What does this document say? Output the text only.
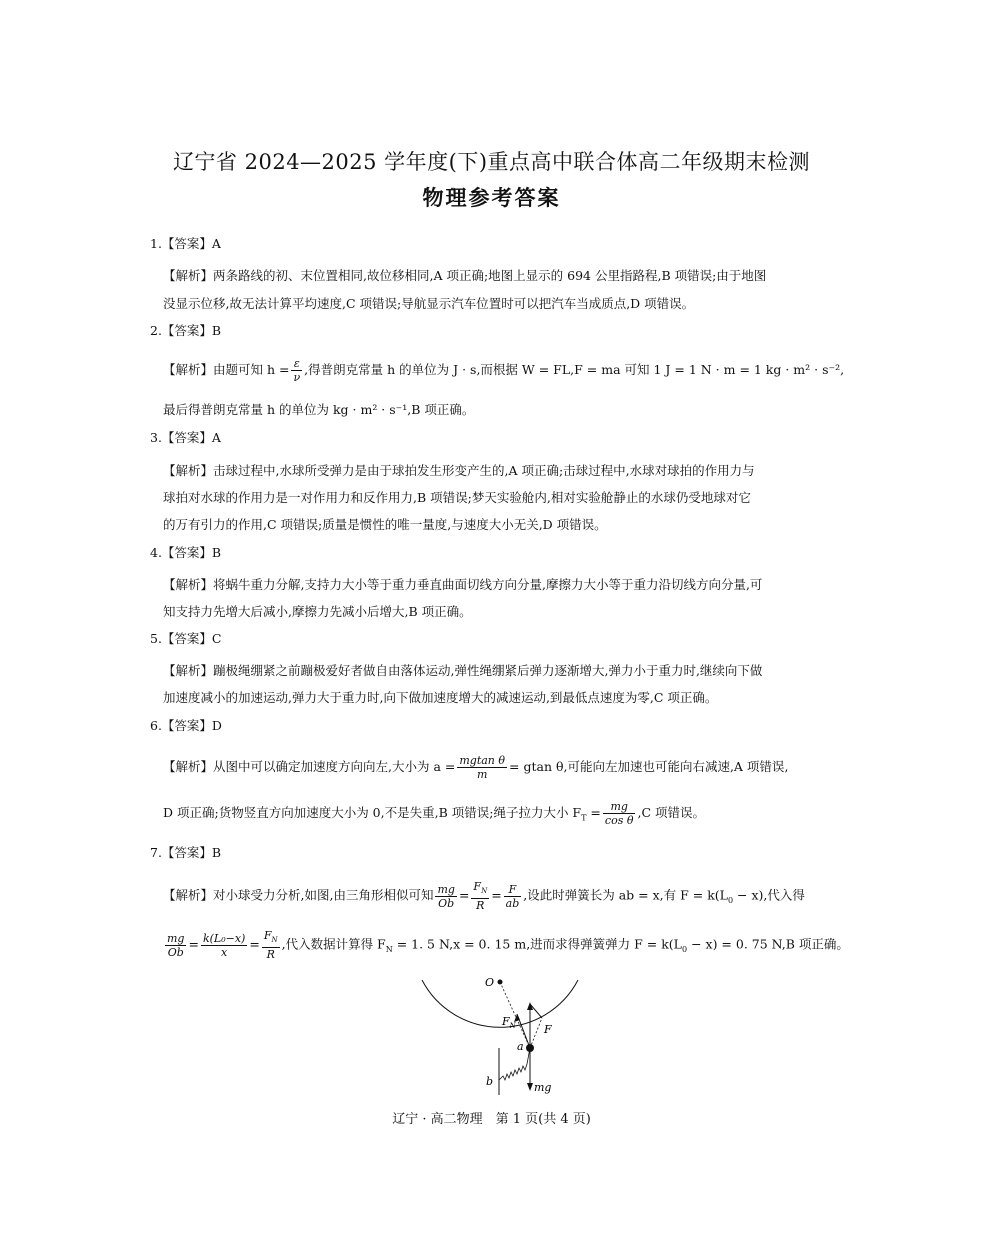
辽宁省 2024—2025 学年度(下)重点高中联合体高二年级期末检测
物理参考答案
1.【答案】A
【解析】两条路线的初、末位置相同,故位移相同,A 项正确;地图上显示的 694 公里指路程,B 项错误;由于地图
没显示位移,故无法计算平均速度,C 项错误;导航显示汽车位置时可以把汽车当成质点,D 项错误。
2.【答案】B
【解析】由题可知 $h = \frac{\varepsilon}{\nu}$ ,得普朗克常量 h 的单位为 J · s,而根据 W = FL,F = ma 可知 1 J = 1 N · m = 1 kg · m² · s⁻²,
最后得普朗克常量 h 的单位为 kg · m² · s⁻¹,B 项正确。
3.【答案】A
【解析】击球过程中,水球所受弹力是由于球拍发生形变产生的,A 项正确;击球过程中,水球对球拍的作用力与
球拍对水球的作用力是一对作用力和反作用力,B 项错误;梦天实验舱内,相对实验舱静止的水球仍受地球对它
的万有引力的作用,C 项错误;质量是惯性的唯一量度,与速度大小无关,D 项错误。
4.【答案】B
【解析】将蜗牛重力分解,支持力大小等于重力垂直曲面切线方向分量,摩擦力大小等于重力沿切线方向分量,可
知支持力先增大后减小,摩擦力先减小后增大,B 项正确。
5.【答案】C
【解析】蹦极绳绷紧之前蹦极爱好者做自由落体运动,弹性绳绷紧后弹力逐渐增大,弹力小于重力时,继续向下做
加速度减小的加速运动,弹力大于重力时,向下做加速度增大的减速运动,到最低点速度为零,C 项正确。
6.【答案】D
【解析】从图中可以确定加速度方向向左,大小为 $a = \frac{\text{mgtan θ}}{m} = gtan$ θ,可能向左加速也可能向右减速,A 项错误,
D 项正确;货物竖直方向加速度大小为 0,不是失重,B 项错误;绳子拉力大小 $F_T = \frac{mg}{\text{cos θ}} ,C$ 项错误。
7.【答案】B
【解析】对小球受力分析,如图,由三角形相似可知 $\frac{mg}{Ob} = \frac{F_N}{R} = \frac{F}{ab}$ ,设此时弹簧长为 ab = x,有 $F = k(L_0 - x)$,代入得
$\frac{mg}{Ob} = \frac{\text{k(L₀−x)}}{x} = \frac{F_N}{R}$ ,代入数据计算得 $F_N = 1$. 5 N,x = 0. 15 m,进而求得弹簧弹力 $F = k(L_0 - x) = 0$. 75 N,B 项正确。
O
a
b
$F_N$	F
mg
辽宁 · 高二物理　第 1 页(共 4 页)
